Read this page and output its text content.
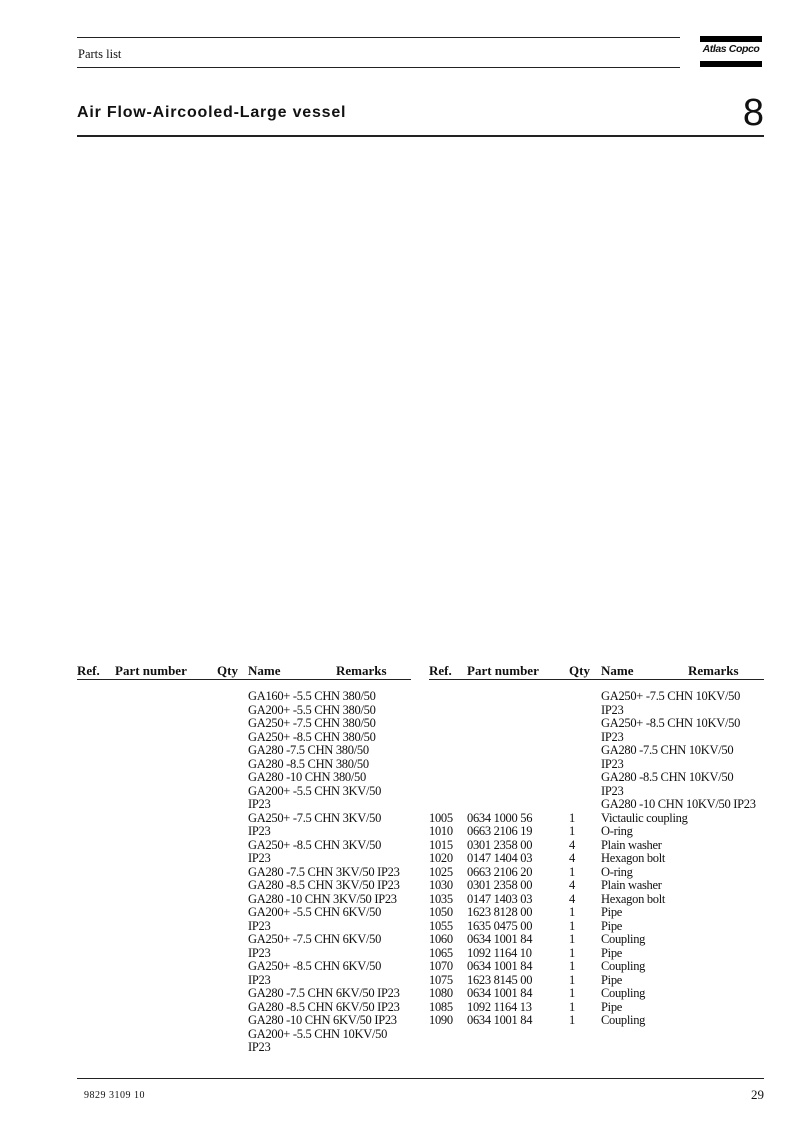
Parts list	Atlas Copco
Air Flow-Aircooled-Large vessel	8
Ref. Part number Qty Name	Remarks	Ref. Part number Qty Name	Remarks
GA160+ -5.5 CHN 380/50
GA200+ -5.5 CHN 380/50
GA250+ -7.5 CHN 380/50
GA250+ -8.5 CHN 380/50
GA280 -7.5 CHN 380/50
GA280 -8.5 CHN 380/50
GA280 -10 CHN 380/50
GA200+ -5.5 CHN 3KV/50
IP23
GA250+ -7.5 CHN 3KV/50
IP23
GA250+ -8.5 CHN 3KV/50
IP23
GA280 -7.5 CHN 3KV/50 IP23
GA280 -8.5 CHN 3KV/50 IP23
GA280 -10 CHN 3KV/50 IP23
GA200+ -5.5 CHN 6KV/50
IP23
GA250+ -7.5 CHN 6KV/50
IP23
GA250+ -8.5 CHN 6KV/50
IP23
GA280 -7.5 CHN 6KV/50 IP23
GA280 -8.5 CHN 6KV/50 IP23
GA280 -10 CHN 6KV/50 IP23
GA200+ -5.5 CHN 10KV/50
IP23
GA250+ -7.5 CHN 10KV/50
IP23
GA250+ -8.5 CHN 10KV/50
IP23
GA280 -7.5 CHN 10KV/50
IP23
GA280 -8.5 CHN 10KV/50
IP23
GA280 -10 CHN 10KV/50 IP23
1005 0634 1000 56	1 Victaulic coupling
1010 0663 2106 19	1 O-ring
1015 0301 2358 00	4 Plain washer
1020 0147 1404 03	4 Hexagon bolt
1025 0663 2106 20	1 O-ring
1030 0301 2358 00	4 Plain washer
1035 0147 1403 03	4 Hexagon bolt
1050 1623 8128 00	1 Pipe
1055 1635 0475 00	1 Pipe
1060 0634 1001 84	1 Coupling
1065 1092 1164 10	1 Pipe
1070 0634 1001 84	1 Coupling
1075 1623 8145 00	1 Pipe
1080 0634 1001 84	1 Coupling
1085 1092 1164 13	1 Pipe
1090 0634 1001 84	1 Coupling
9829 3109 10	29
